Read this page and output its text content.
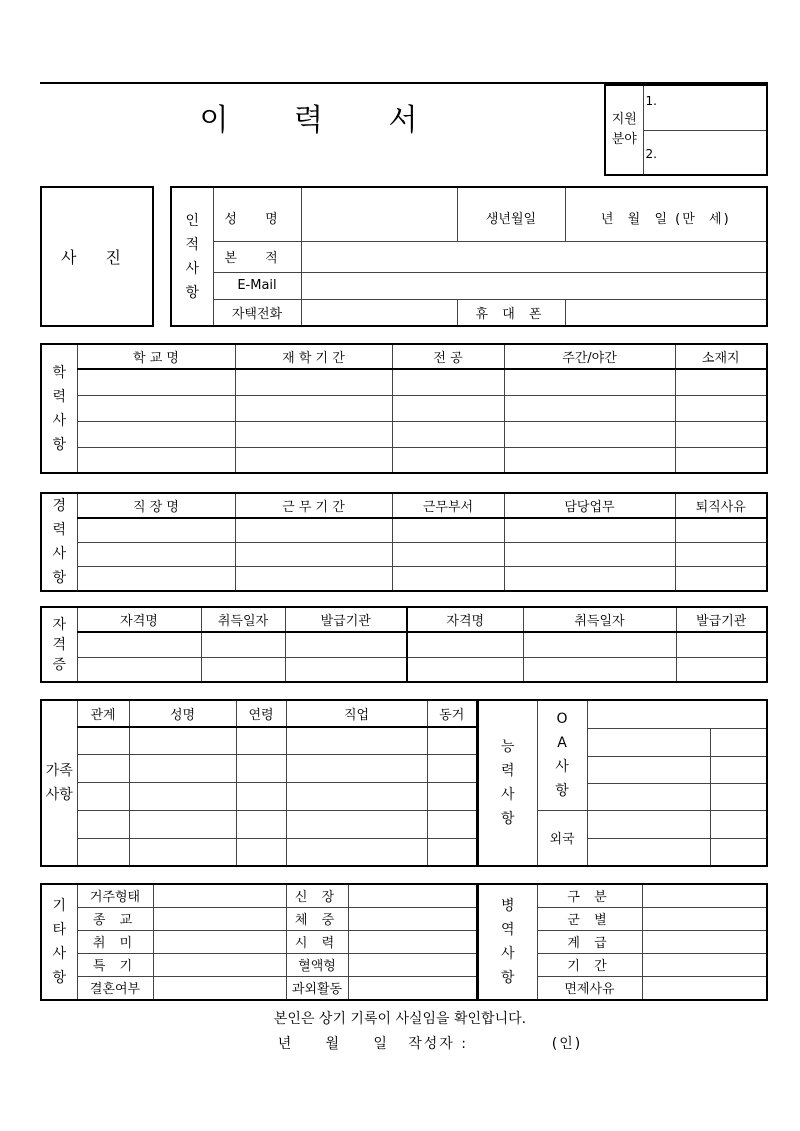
이 력 서	지원
분야
	1.
2.
사 진
인
적
사
항	성 명		생년월일	년  월  일 (만  세)
	본 적			
	E-Mail			
	자택전화		휴 대 폰	
학
력
사
항	학 교 명	재 학 기 간	전 공	주간/야간	소재지

경
력
사
항	직 장 명	근 무 기 간	근무부서	담당업무	퇴직사유

자
격
증	자격명	취득일자	발급기관	자격명	취득일자	발급기관

가족
사항	관계	성명	연령	직업	동거

능
력
사
항	O
A
사
항		

	외국		

기
타
사
항	거주형태		신 장	
	종 교		체 중	
	취 미		시 력	
	특 기		혈액형	
	결혼여부		과외활동	
병
역
사
항	구 분	
	군 별	
	계 급	
	기 간	
	면제사유	
본인은 상기 기록이 사실임을 확인합니다.
년     월     일   작성자 :             (인)
